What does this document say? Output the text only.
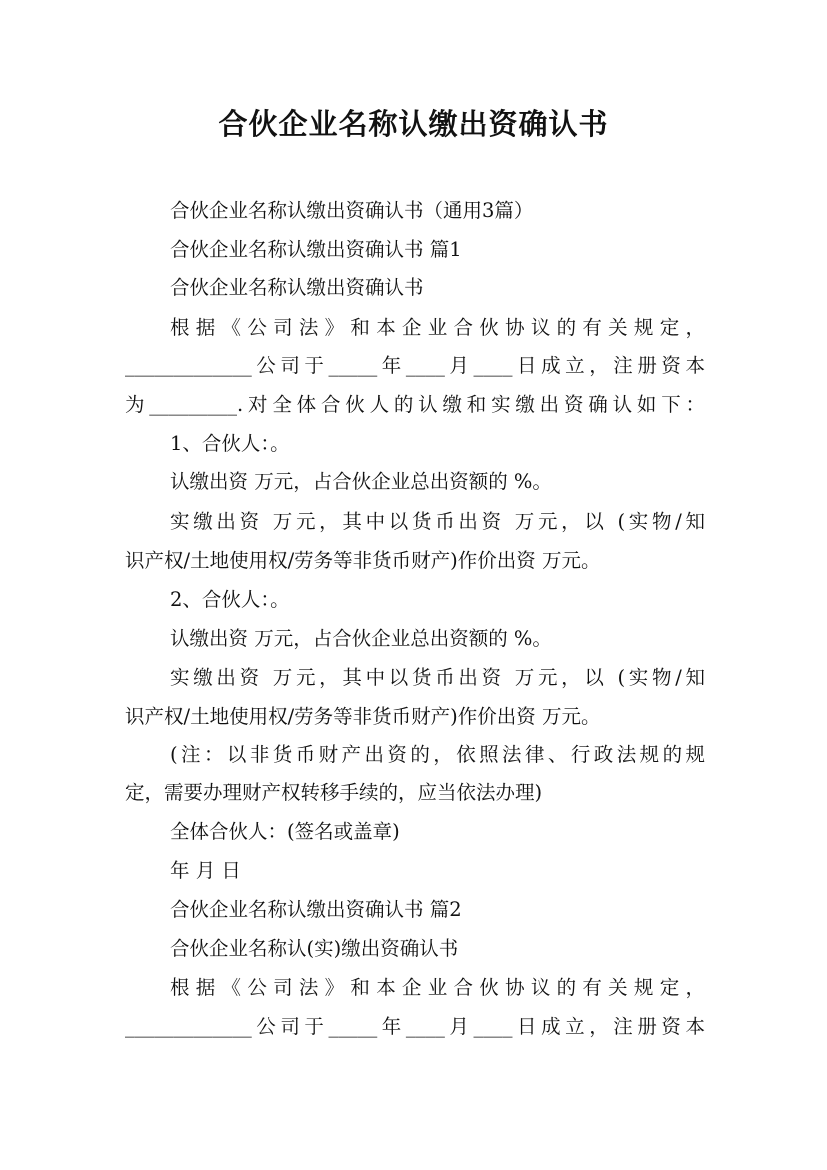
合伙企业名称认缴出资确认书
合伙企业名称认缴出资确认书（通用3篇）
合伙企业名称认缴出资确认书 篇1
合伙企业名称认缴出资确认书
根据《公司法》和本企业合伙协议的有关规定，
_____________公司于_____年____月____日成立，注册资本
为_________.对全体合伙人的认缴和实缴出资确认如下：
1、合伙人：。
认缴出资 万元，占合伙企业总出资额的 %。
实缴出资 万元，其中以货币出资 万元，以 (实物/知
识产权/土地使用权/劳务等非货币财产)作价出资 万元。
2、合伙人：。
认缴出资 万元，占合伙企业总出资额的 %。
实缴出资 万元，其中以货币出资 万元，以 (实物/知
识产权/土地使用权/劳务等非货币财产)作价出资 万元。
(注：以非货币财产出资的，依照法律、行政法规的规
定，需要办理财产权转移手续的，应当依法办理)
全体合伙人：(签名或盖章)
年 月 日
合伙企业名称认缴出资确认书 篇2
合伙企业名称认(实)缴出资确认书
根据《公司法》和本企业合伙协议的有关规定，
_____________公司于_____年____月____日成立，注册资本
